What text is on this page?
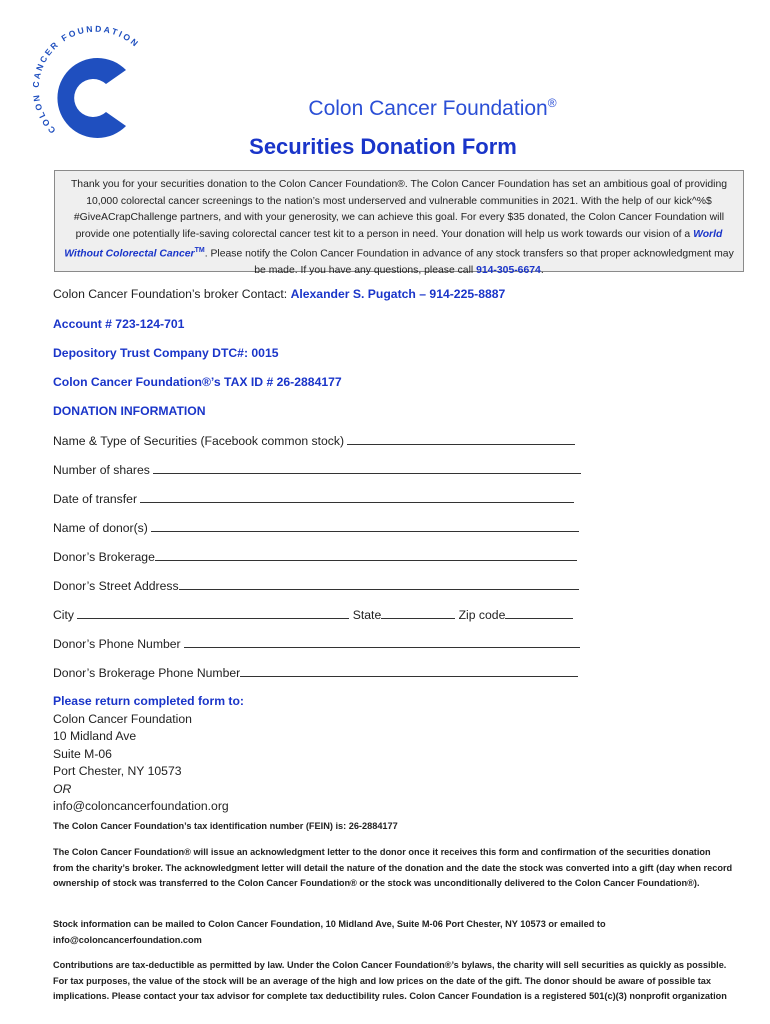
COLON CANCER FOUNDATION
Colon Cancer Foundation®
Securities Donation Form
Thank you for your securities donation to the Colon Cancer Foundation®. The Colon Cancer Foundation has set an ambitious goal of providing 10,000 colorectal cancer screenings to the nation’s most underserved and vulnerable communities in 2021. With the help of our kick^%$ #GiveACrapChallenge partners, and with your generosity, we can achieve this goal. For every $35 donated, the Colon Cancer Foundation will provide one potentially life-saving colorectal cancer test kit to a person in need. Your donation will help us work towards our vision of a World Without Colorectal Cancer™. Please notify the Colon Cancer Foundation in advance of any stock transfers so that proper acknowledgment may be made. If you have any questions, please call 914-305-6674.
Colon Cancer Foundation’s broker Contact: Alexander S. Pugatch – 914-225-8887
Account # 723-124-701
Depository Trust Company DTC#: 0015
Colon Cancer Foundation®’s TAX ID # 26-2884177
DONATION INFORMATION
Name & Type of Securities (Facebook common stock)
Number of shares
Date of transfer
Name of donor(s)
Donor’s Brokerage
Donor’s Street Address
City	State	Zip code
Donor’s Phone Number
Donor’s Brokerage Phone Number
Please return completed form to:
Colon Cancer Foundation
10 Midland Ave
Suite M-06
Port Chester, NY 10573
OR
info@coloncancerfoundation.org
The Colon Cancer Foundation’s tax identification number (FEIN) is: 26-2884177
The Colon Cancer Foundation® will issue an acknowledgment letter to the donor once it receives this form and confirmation of the securities donation from the charity’s broker. The acknowledgment letter will detail the nature of the donation and the date the stock was converted into a gift (day when record ownership of stock was transferred to the Colon Cancer Foundation® or the stock was unconditionally delivered to the Colon Cancer Foundation®).
Stock information can be mailed to Colon Cancer Foundation, 10 Midland Ave, Suite M-06 Port Chester, NY 10573 or emailed to info@coloncancerfoundation.com
Contributions are tax-deductible as permitted by law. Under the Colon Cancer Foundation®’s bylaws, the charity will sell securities as quickly as possible. For tax purposes, the value of the stock will be an average of the high and low prices on the date of the gift. The donor should be aware of possible tax implications. Please contact your tax advisor for complete tax deductibility rules. Colon Cancer Foundation is a registered 501(c)(3) nonprofit organization
